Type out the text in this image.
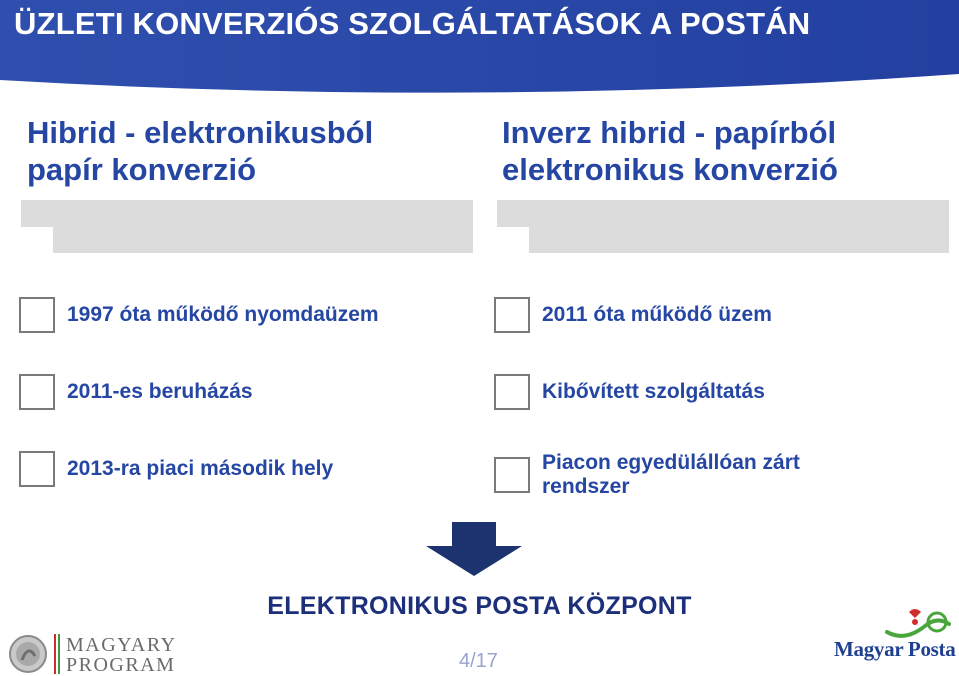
ÜZLETI KONVERZIÓS SZOLGÁLTATÁSOK A POSTÁN
Hibrid - elektronikusból
papír konverzió
Inverz hibrid - papírból
elektronikus konverzió
1997 óta működő nyomdaüzem
2011-es beruházás
2013-ra piaci második hely
2011 óta működő üzem
Kibővített szolgáltatás
Piacon egyedülállóan zárt rendszer
ELEKTRONIKUS POSTA KÖZPONT
4/17
MAGYARY
PROGRAM
Magyar Posta
